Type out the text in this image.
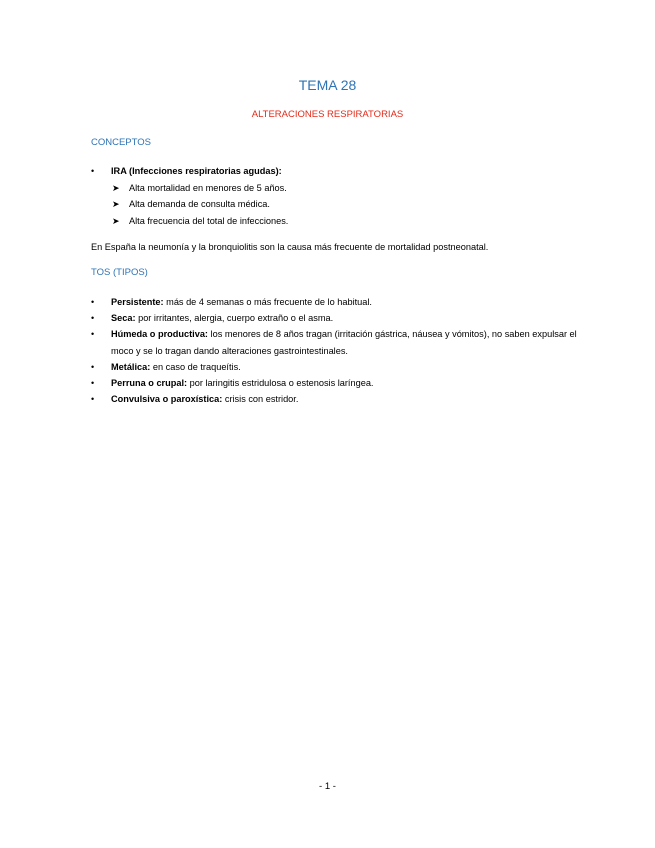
TEMA 28
ALTERACIONES RESPIRATORIAS
CONCEPTOS
•	IRA (Infecciones respiratorias agudas):
➤ Alta mortalidad en menores de 5 años.
➤ Alta demanda de consulta médica.
➤ Alta frecuencia del total de infecciones.
En España la neumonía y la bronquiolitis son la causa más frecuente de mortalidad postneonatal.
TOS (TIPOS)
•	Persistente: más de 4 semanas o más frecuente de lo habitual.
•	Seca: por irritantes, alergia, cuerpo extraño o el asma.
•	Húmeda o productiva: los menores de 8 años tragan (irritación gástrica, náusea y vómitos), no saben expulsar el moco y se lo tragan dando alteraciones gastrointestinales.
•	Metálica: en caso de traqueítis.
•	Perruna o crupal: por laringitis estridulosa o estenosis laríngea.
•	Convulsiva o paroxística: crisis con estridor.
- 1 -
